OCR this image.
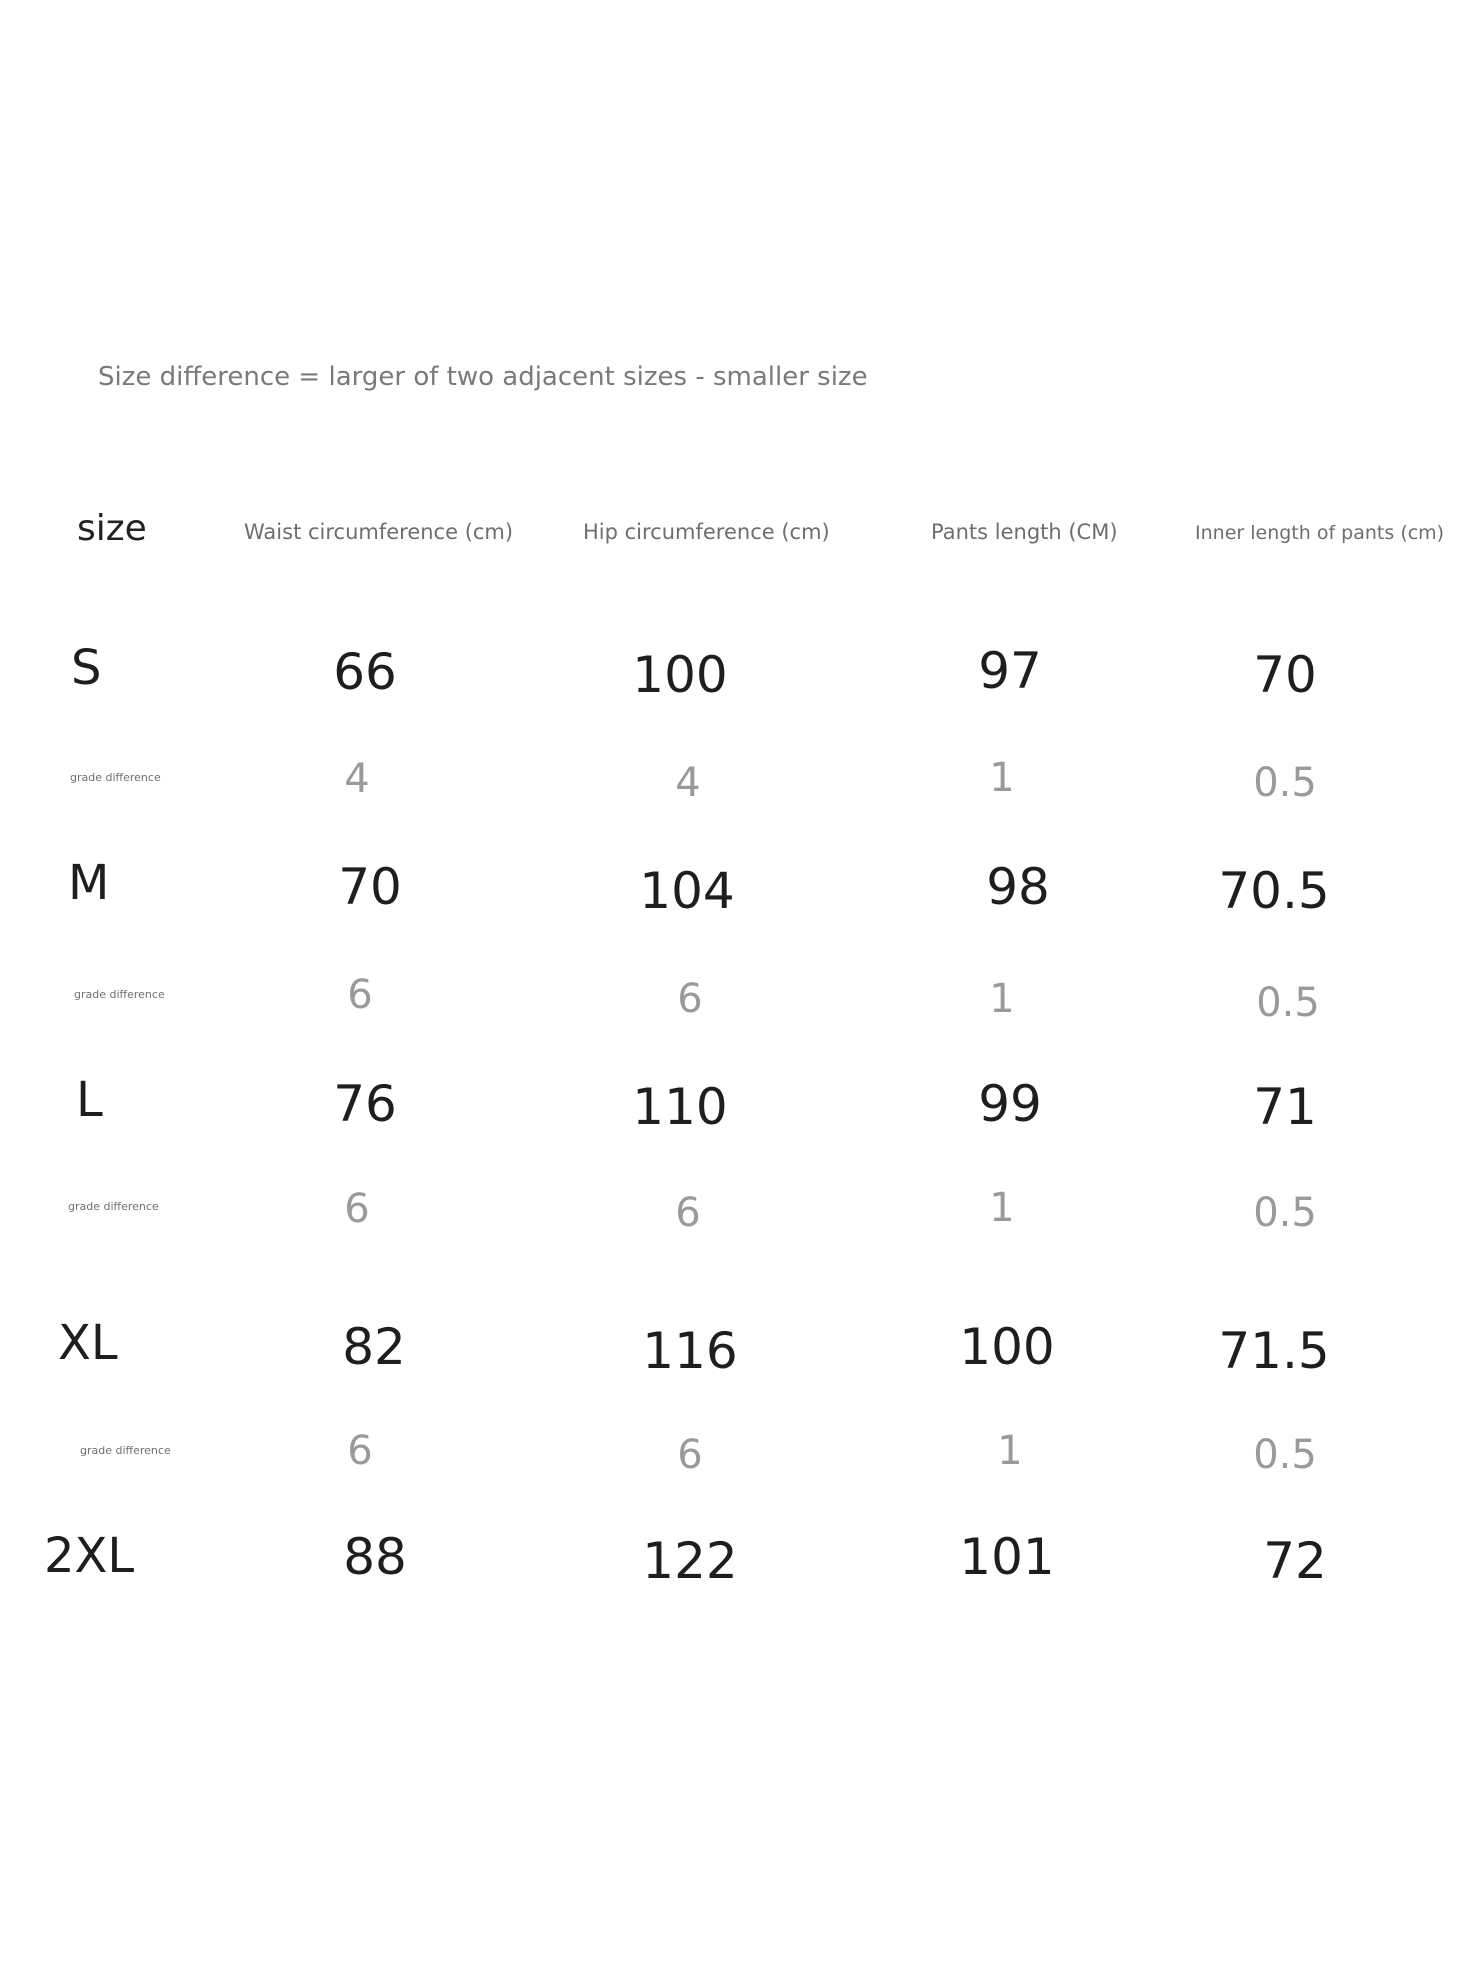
Size difference = larger of two adjacent sizes - smaller size
size	Waist circumference (cm)	Hip circumference (cm)	Pants length (CM)	Inner length of pants (cm)
S	66	100	97	70
grade difference	4	4	1	0.5
M	70	104	98	70.5
grade difference	6	6	1	0.5
L	76	110	99	71
grade difference	6	6	1	0.5
XL	82	116	100	71.5
grade difference	6	6	1	0.5
2XL	88	122	101	72
